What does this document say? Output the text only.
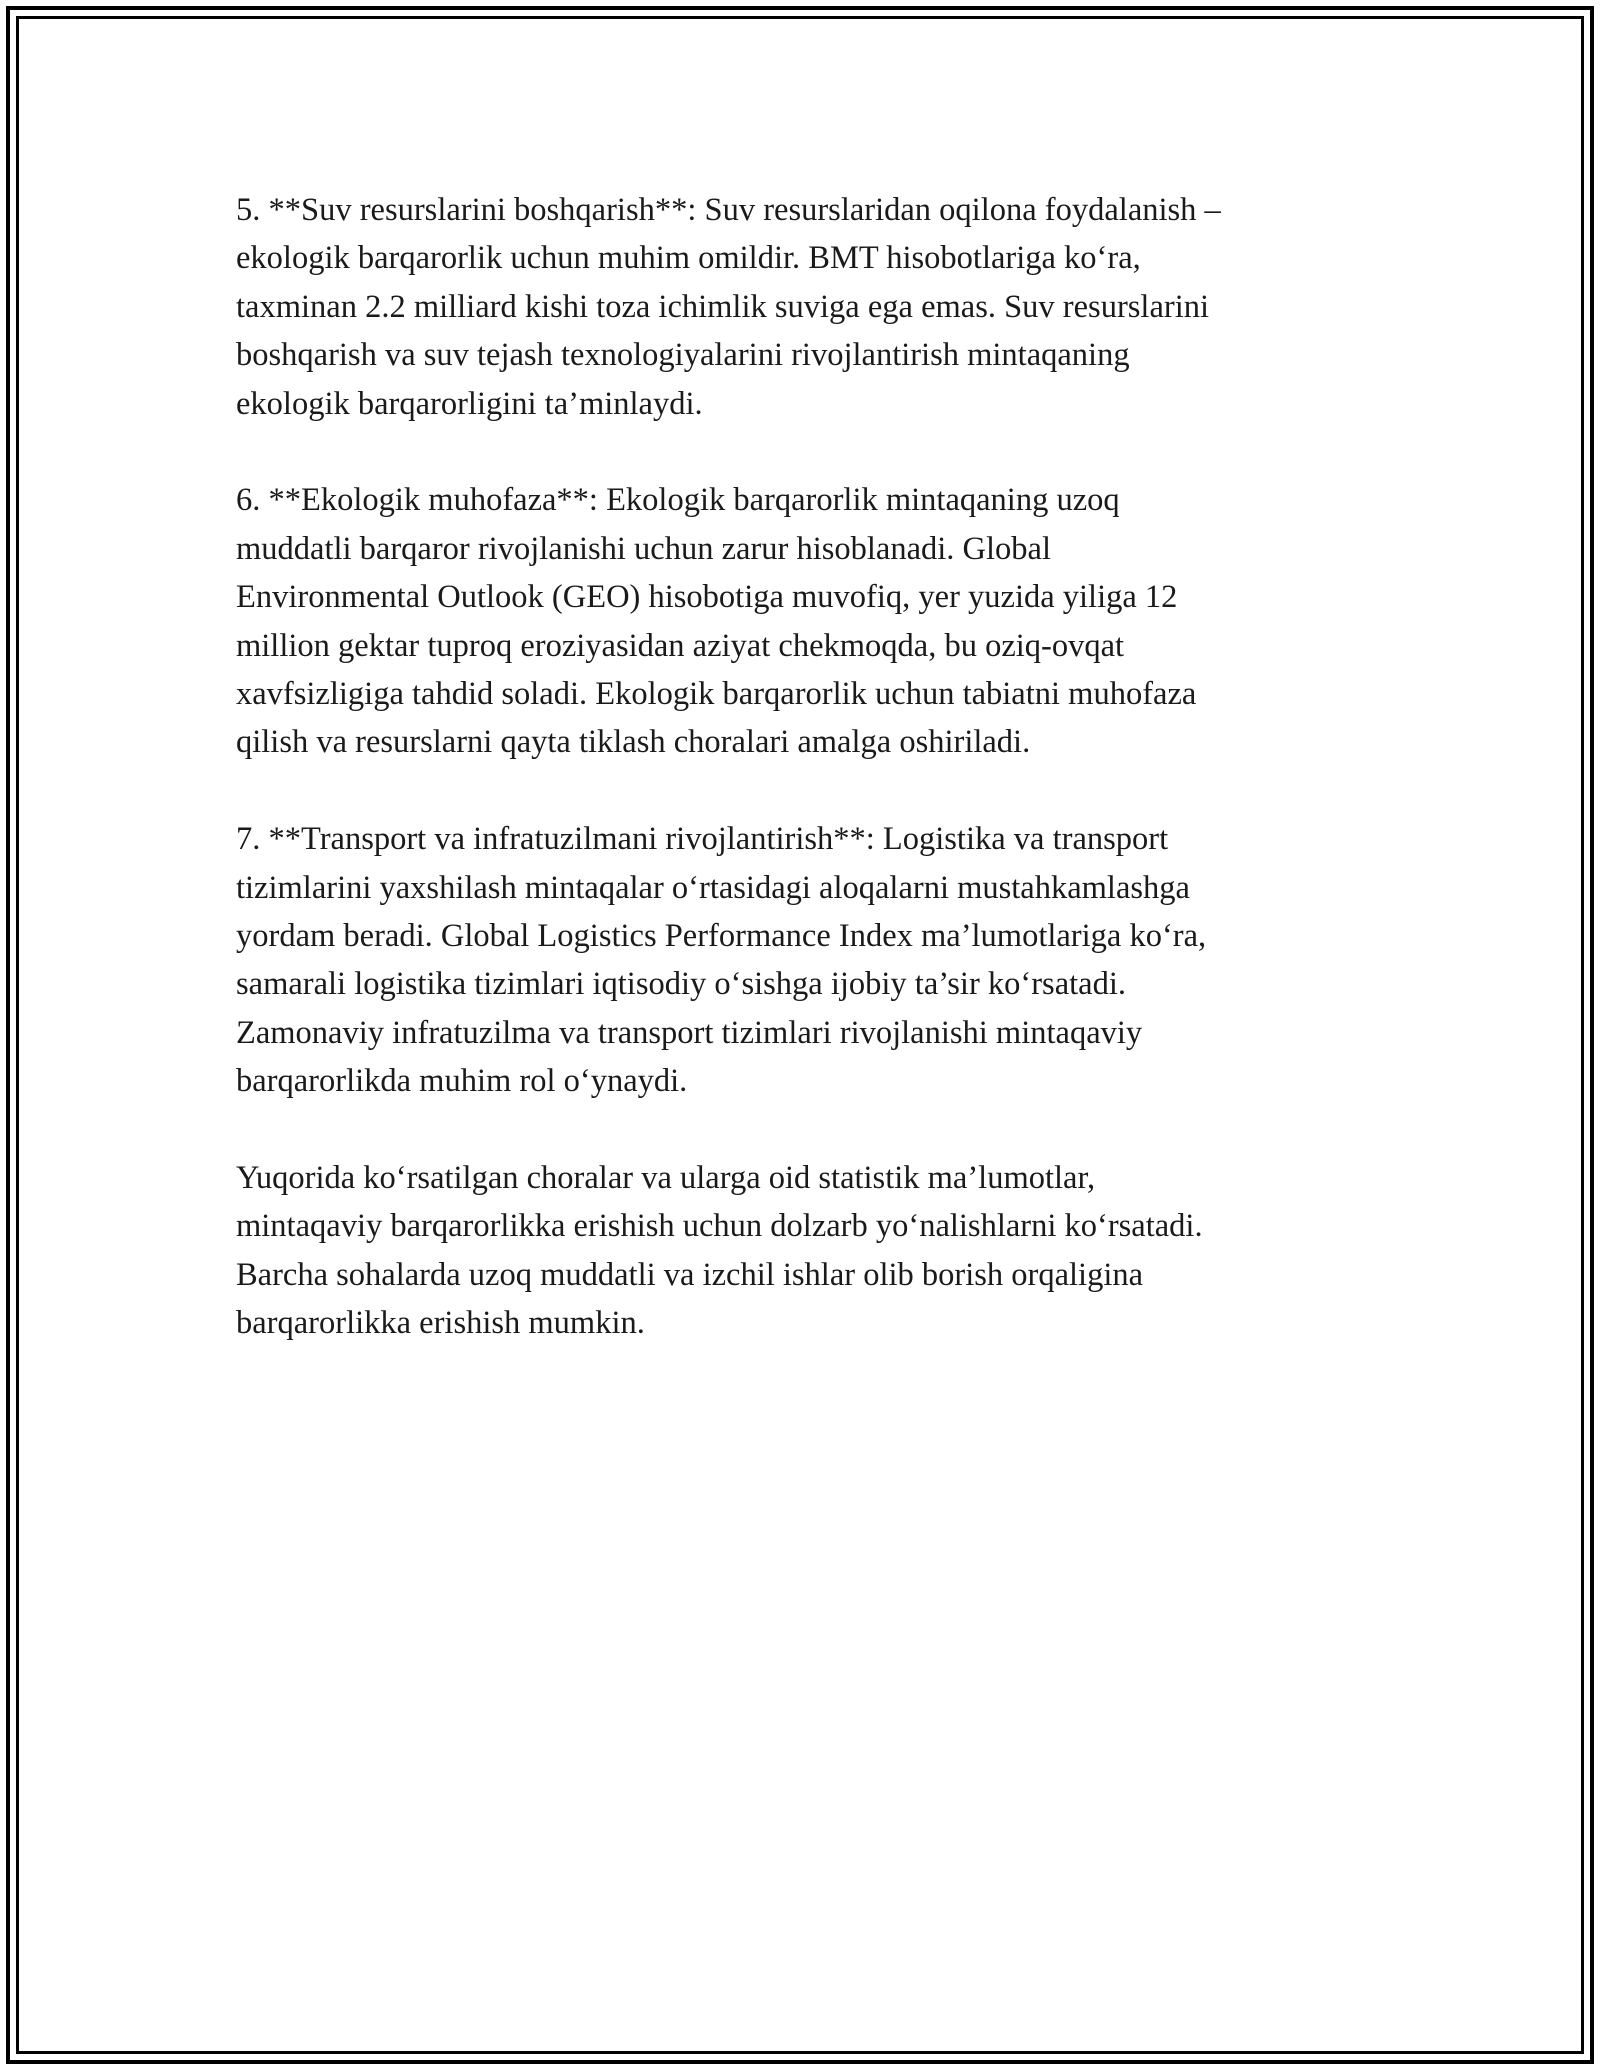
5. **Suv resurslarini boshqarish**: Suv resurslaridan oqilona foydalanish –
ekologik barqarorlik uchun muhim omildir. BMT hisobotlariga ko‘ra,
taxminan 2.2 milliard kishi toza ichimlik suviga ega emas. Suv resurslarini
boshqarish va suv tejash texnologiyalarini rivojlantirish mintaqaning
ekologik barqarorligini ta’minlaydi.

6. **Ekologik muhofaza**: Ekologik barqarorlik mintaqaning uzoq
muddatli barqaror rivojlanishi uchun zarur hisoblanadi. Global
Environmental Outlook (GEO) hisobotiga muvofiq, yer yuzida yiliga 12
million gektar tuproq eroziyasidan aziyat chekmoqda, bu oziq-ovqat
xavfsizligiga tahdid soladi. Ekologik barqarorlik uchun tabiatni muhofaza
qilish va resurslarni qayta tiklash choralari amalga oshiriladi.

7. **Transport va infratuzilmani rivojlantirish**: Logistika va transport
tizimlarini yaxshilash mintaqalar o‘rtasidagi aloqalarni mustahkamlashga
yordam beradi. Global Logistics Performance Index ma’lumotlariga ko‘ra,
samarali logistika tizimlari iqtisodiy o‘sishga ijobiy ta’sir ko‘rsatadi.
Zamonaviy infratuzilma va transport tizimlari rivojlanishi mintaqaviy
barqarorlikda muhim rol o‘ynaydi.

Yuqorida ko‘rsatilgan choralar va ularga oid statistik ma’lumotlar,
mintaqaviy barqarorlikka erishish uchun dolzarb yo‘nalishlarni ko‘rsatadi.
Barcha sohalarda uzoq muddatli va izchil ishlar olib borish orqaligina
barqarorlikka erishish mumkin.
